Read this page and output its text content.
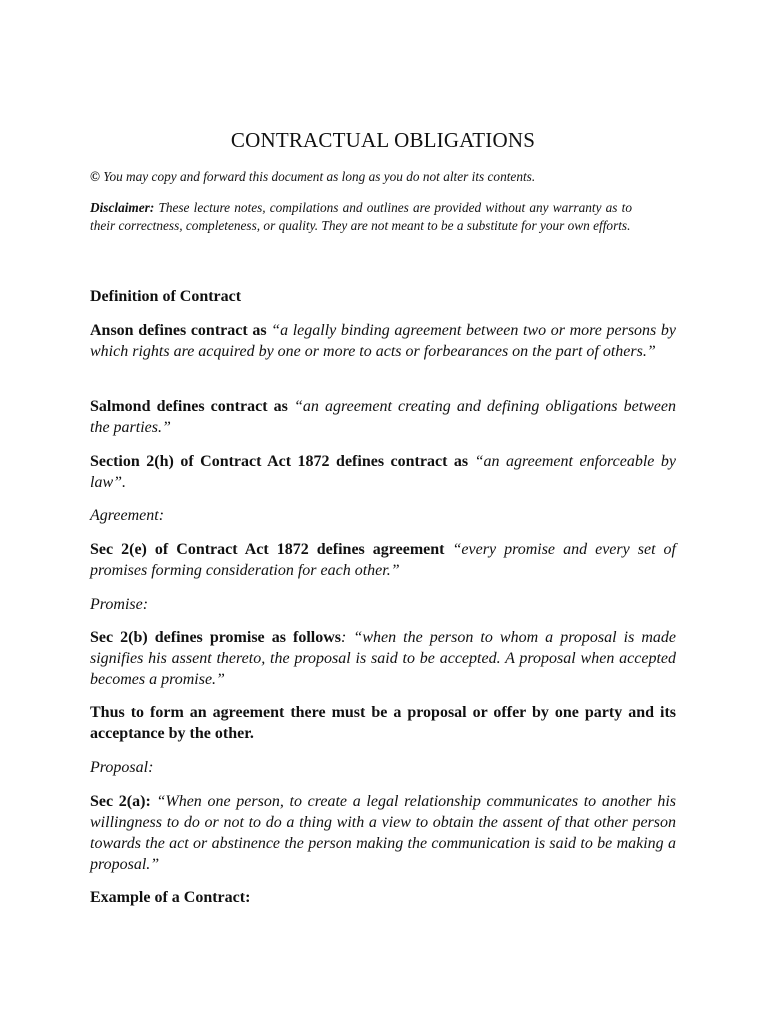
CONTRACTUAL OBLIGATIONS

© You may copy and forward this document as long as you do not alter its contents.

Disclaimer: These lecture notes, compilations and outlines are provided without any warranty as to their correctness, completeness, or quality. They are not meant to be a substitute for your own efforts.

Definition of Contract

Anson defines contract as “a legally binding agreement between two or more persons by which rights are acquired by one or more to acts or forbearances on the part of others.”

Salmond defines contract as “an agreement creating and defining obligations between the parties.”

Section 2(h) of Contract Act 1872 defines contract as “an agreement enforceable by law”.

Agreement:

Sec 2(e) of Contract Act 1872 defines agreement “every promise and every set of promises forming consideration for each other.”

Promise:

Sec 2(b) defines promise as follows: “when the person to whom a proposal is made signifies his assent thereto, the proposal is said to be accepted. A proposal when accepted becomes a promise.”

Thus to form an agreement there must be a proposal or offer by one party and its acceptance by the other.

Proposal:

Sec 2(a): “When one person, to create a legal relationship communicates to another his willingness to do or not to do a thing with a view to obtain the assent of that other person towards the act or abstinence the person making the communication is said to be making a proposal.”

Example of a Contract:
